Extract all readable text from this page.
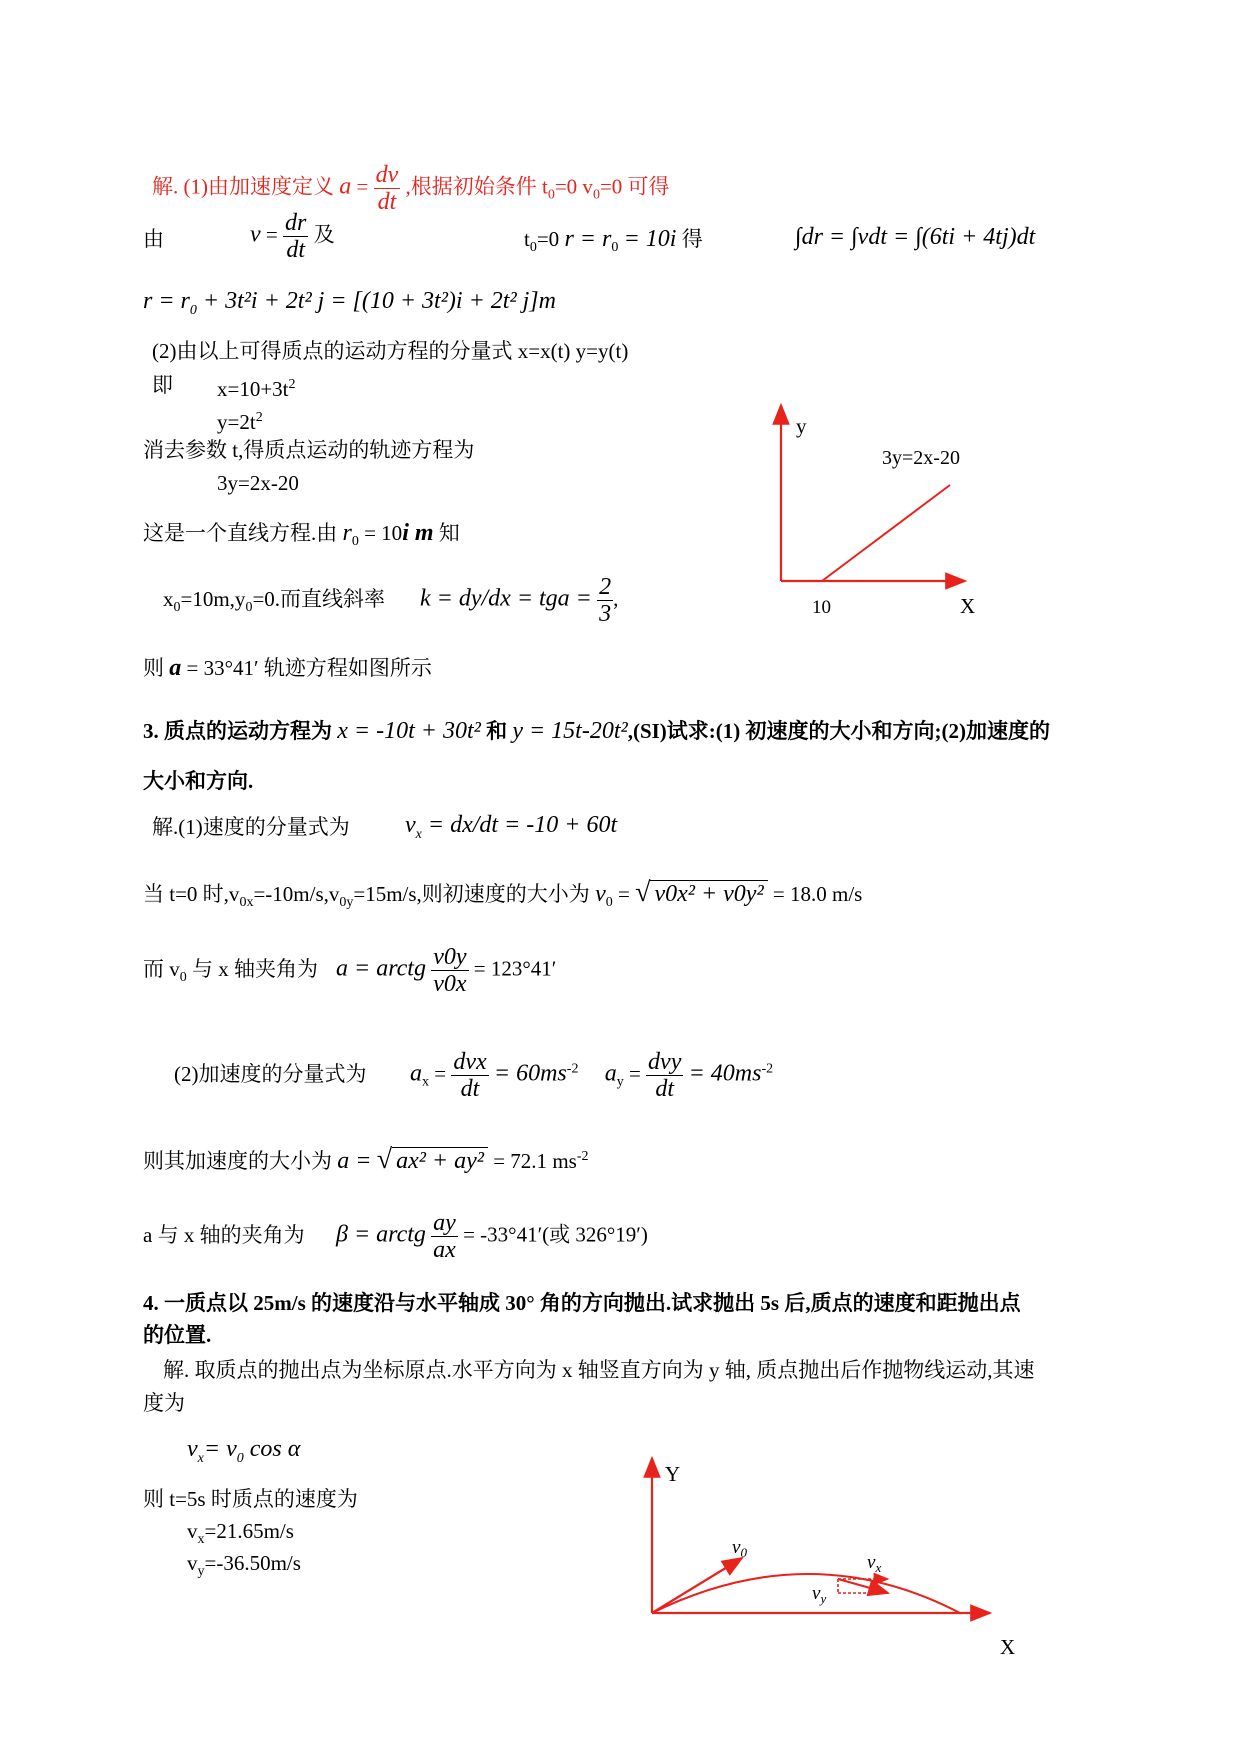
解. (1)由加速度定义 $a = \frac{dv}{dt}$ ,根据初始条件 $t_0=0$ $v_0=0$ 可得
由	$v = \frac{dr}{dt}$ 及	$t_0=0$ $r = r_0 = 10i$ 得	∫dr = ∫vdt = ∫(6ti + 4tj)dt
$r = r_0 + 3t^2i + 2t^2$ j = [(10 + 3t²)i + 2t² j]m
(2)由以上可得质点的运动方程的分量式 x=x(t) y=y(t)
即 $x=10+3t^2$
$y=2t^2$
消去参数 t,得质点运动的轨迹方程为
3y=2x-20
这是一个直线方程.由 $r_0 = 10i$ m 知
$x_0=10m,y_0=0$.而直线斜率 k = dy/dx = tga = $\frac{2}{3}$ ,
则 a = 33°41′ 轨迹方程如图所示
y
3y=2x-20
10	X
3. 质点的运动方程为 x = -10t + 30t² 和 y = 15t-20t²,(SI)试求:(1) 初速度的大小和方向;(2)加速度的
大小和方向.
解.(1)速度的分量式为 $v_x = dx/dt = -10 + 60t$
当 t=0 时$,v_{0x}=-10m/s,v_{0y}=15m/s$,则初速度的大小为 $v_0$ = √ v0x² + v0y² = 18.0 m/s
而 $v_0$ 与 x 轴夹角为 a = arctg $\frac{v0y}{v0x} = 123^\circ 41'$
(2)加速度的分量式为 $a_x = \frac{\text{dvx}}{dt} = 60ms^{-2}$ $a_y = \frac{\text{dvy}}{dt} = 40ms^{-2}$
则其加速度的大小为 a = √ ax² + ay² = 72.1 $ms^{-2}$
a 与 x 轴的夹角为 β = arctg $\frac{ay}{ax} = -33^\circ 41'$(或 326°19′)
4. 一质点以 25m/s 的速度沿与水平轴成 30° 角的方向抛出.试求抛出 5s 后,质点的速度和距抛出点
的位置.
解. 取质点的抛出点为坐标原点.水平方向为 x 轴竖直方向为 y 轴, 质点抛出后作抛物线运动,其速
度为
$v_x= v_0$ cos α
则 t=5s 时质点的速度为
$v_x=21.65m/s$
$v_y=-36.50m/s$
Y
X
$v_0$	$v_x$
$v_y$
